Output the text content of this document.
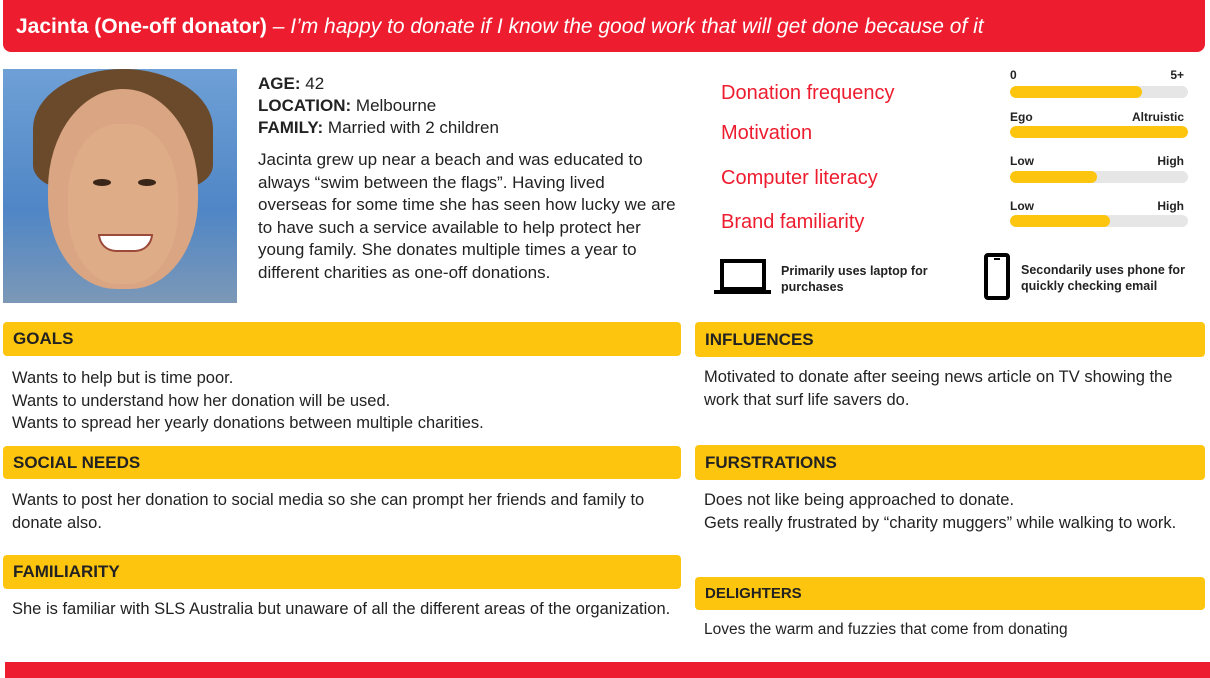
Jacinta (One-off donator) – I’m happy to donate if I know the good work that will get done because of it
AGE: 42
LOCATION: Melbourne
FAMILY: Married with 2 children
Jacinta grew up near a beach and was educated to always “swim between the flags”. Having lived overseas for some time she has seen how lucky we are to have such a service available to help protect her young family. She donates multiple times a year to different charities as one-off donations.
Donation frequency
Motivation
Computer literacy
Brand familiarity
0	5+
Ego	Altruistic
Low	High
Low	High
Primarily uses laptop for purchases
Secondarily uses phone for quickly checking email
GOALS
Wants to help but is time poor.
Wants to understand how her donation will be used.
Wants to spread her yearly donations between multiple charities.
SOCIAL NEEDS
Wants to post her donation to social media so she can prompt her friends and family to donate also.
FAMILIARITY
She is familiar with SLS Australia but unaware of all the different areas of the organization.
INFLUENCES
Motivated to donate after seeing news article on TV showing the work that surf life savers do.
FURSTRATIONS
Does not like being approached to donate.
Gets really frustrated by “charity muggers” while walking to work.
DELIGHTERS
Loves the warm and fuzzies that come from donating
